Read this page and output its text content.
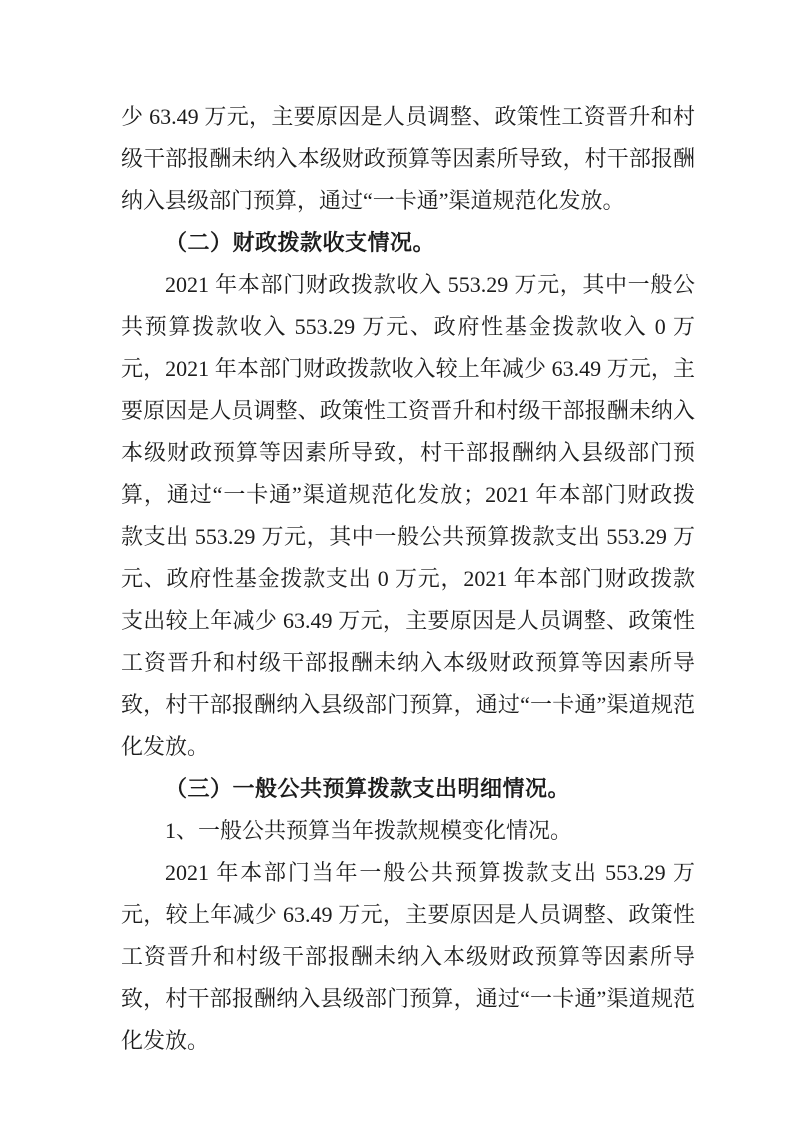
少 63.49 万元，主要原因是人员调整、政策性工资晋升和村级干部报酬未纳入本级财政预算等因素所导致，村干部报酬纳入县级部门预算，通过“一卡通”渠道规范化发放。

（二）财政拨款收支情况。

2021 年本部门财政拨款收入 553.29 万元，其中一般公共预算拨款收入 553.29 万元、政府性基金拨款收入 0 万元，2021 年本部门财政拨款收入较上年减少 63.49 万元，主要原因是人员调整、政策性工资晋升和村级干部报酬未纳入本级财政预算等因素所导致，村干部报酬纳入县级部门预算，通过“一卡通”渠道规范化发放；2021 年本部门财政拨款支出 553.29 万元，其中一般公共预算拨款支出 553.29 万元、政府性基金拨款支出 0 万元，2021 年本部门财政拨款支出较上年减少 63.49 万元，主要原因是人员调整、政策性工资晋升和村级干部报酬未纳入本级财政预算等因素所导致，村干部报酬纳入县级部门预算，通过“一卡通”渠道规范化发放。

（三）一般公共预算拨款支出明细情况。

1、一般公共预算当年拨款规模变化情况。

2021 年本部门当年一般公共预算拨款支出 553.29 万元，较上年减少 63.49 万元，主要原因是人员调整、政策性工资晋升和村级干部报酬未纳入本级财政预算等因素所导致，村干部报酬纳入县级部门预算，通过“一卡通”渠道规范化发放。
